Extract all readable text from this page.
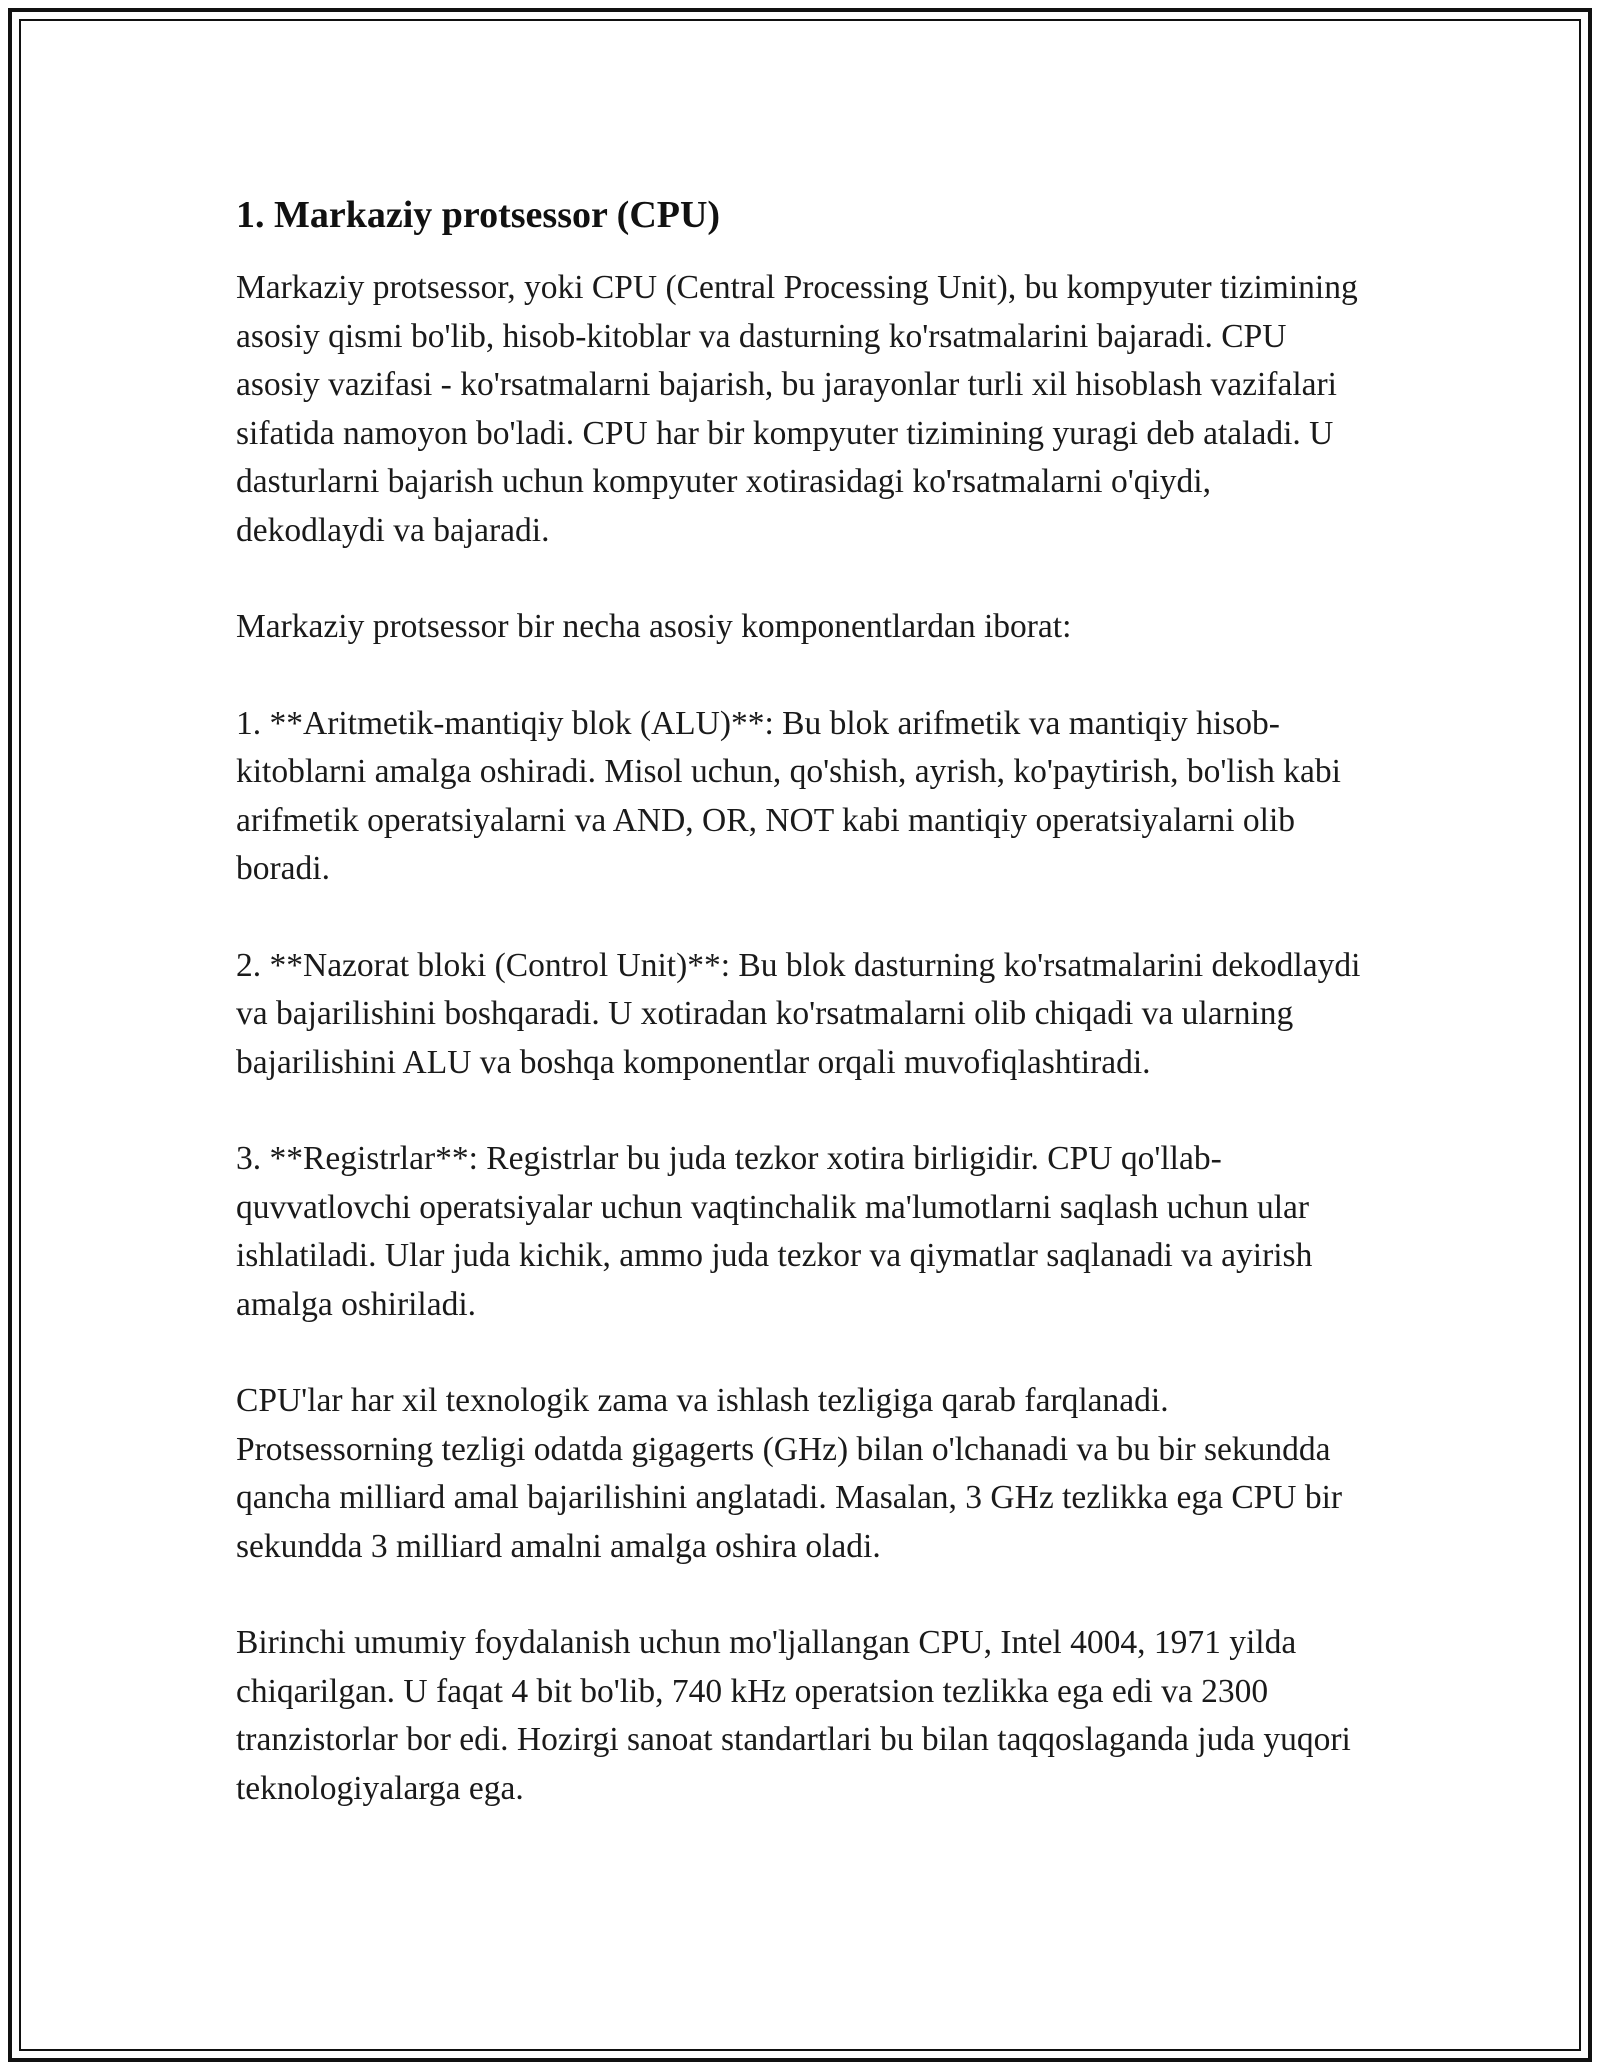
1. Markaziy protsessor (CPU)

Markaziy protsessor, yoki CPU (Central Processing Unit), bu kompyuter tizimining asosiy qismi bo'lib, hisob-kitoblar va dasturning ko'rsatmalarini bajaradi. CPU asosiy vazifasi - ko'rsatmalarni bajarish, bu jarayonlar turli xil hisoblash vazifalari sifatida namoyon bo'ladi. CPU har bir kompyuter tizimining yuragi deb ataladi. U dasturlarni bajarish uchun kompyuter xotirasidagi ko'rsatmalarni o'qiydi, dekodlaydi va bajaradi.

Markaziy protsessor bir necha asosiy komponentlardan iborat:

1. **Aritmetik-mantiqiy blok (ALU)**: Bu blok arifmetik va mantiqiy hisob-kitoblarni amalga oshiradi. Misol uchun, qo'shish, ayrish, ko'paytirish, bo'lish kabi arifmetik operatsiyalarni va AND, OR, NOT kabi mantiqiy operatsiyalarni olib boradi.

2. **Nazorat bloki (Control Unit)**: Bu blok dasturning ko'rsatmalarini dekodlaydi va bajarilishini boshqaradi. U xotiradan ko'rsatmalarni olib chiqadi va ularning bajarilishini ALU va boshqa komponentlar orqali muvofiqlashtiradi.

3. **Registrlar**: Registrlar bu juda tezkor xotira birligidir. CPU qo'llab-quvvatlovchi operatsiyalar uchun vaqtinchalik ma'lumotlarni saqlash uchun ular ishlatiladi. Ular juda kichik, ammo juda tezkor va qiymatlar saqlanadi va ayirish amalga oshiriladi.

CPU'lar har xil texnologik zama va ishlash tezligiga qarab farqlanadi. Protsessorning tezligi odatda gigagerts (GHz) bilan o'lchanadi va bu bir sekundda qancha milliard amal bajarilishini anglatadi. Masalan, 3 GHz tezlikka ega CPU bir sekundda 3 milliard amalni amalga oshira oladi.

Birinchi umumiy foydalanish uchun mo'ljallangan CPU, Intel 4004, 1971 yilda chiqarilgan. U faqat 4 bit bo'lib, 740 kHz operatsion tezlikka ega edi va 2300 tranzistorlar bor edi. Hozirgi sanoat standartlari bu bilan taqqoslaganda juda yuqori teknologiyalarga ega.
